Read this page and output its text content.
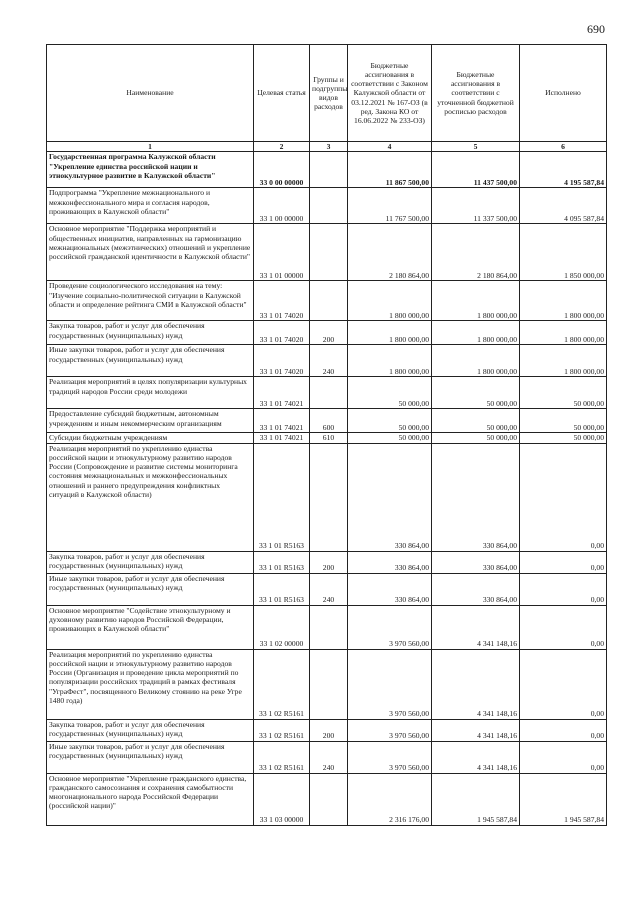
690
Наименование	Целевая статья	Группы и подгруппы видов расходов	Бюджетные ассигнования в соответствии с Законом Калужской области от 03.12.2021 № 167-ОЗ (в ред. Закона КО от 16.06.2022 № 233-ОЗ)	Бюджетные ассигнования в соответствии с уточненной бюджетной росписью расходов	Исполнено
1	2	3	4	5	6
Государственная программа Калужской области "Укрепление единства российской нации и этнокультурное развитие в Калужской области"	33 0 00 00000		11 867 500,00	11 437 500,00	4 195 587,84
Подпрограмма "Укрепление межнационального и межконфессионального мира и согласия народов, проживающих в Калужской области"	33 1 00 00000		11 767 500,00	11 337 500,00	4 095 587,84
Основное мероприятие "Поддержка мероприятий и общественных инициатив, направленных на гармонизацию межнациональных (межэтнических) отношений и укрепление российской гражданской идентичности в Калужской области"	33 1 01 00000		2 180 864,00	2 180 864,00	1 850 000,00
Проведение социологического исследования на тему: "Изучение социально-политической ситуации в Калужской области и определение рейтинга СМИ в Калужской области"	33 1 01 74020		1 800 000,00	1 800 000,00	1 800 000,00
Закупка товаров, работ и услуг для обеспечения государственных (муниципальных) нужд	33 1 01 74020	200	1 800 000,00	1 800 000,00	1 800 000,00
Иные закупки товаров, работ и услуг для обеспечения государственных (муниципальных) нужд	33 1 01 74020	240	1 800 000,00	1 800 000,00	1 800 000,00
Реализация мероприятий в целях популяризации культурных традиций народов России среди молодежи	33 1 01 74021		50 000,00	50 000,00	50 000,00
Предоставление субсидий бюджетным, автономным учреждениям и иным некоммерческим организациям	33 1 01 74021	600	50 000,00	50 000,00	50 000,00
Субсидии бюджетным учреждениям	33 1 01 74021	610	50 000,00	50 000,00	50 000,00
Реализация мероприятий по укреплению единства российской нации и этнокультурному развитию народов России (Сопровождение и развитие системы мониторинга состояния межнациональных и межконфессиональных отношений и раннего предупреждения конфликтных ситуаций в Калужской области)	33 1 01 R5163		330 864,00	330 864,00	0,00
Закупка товаров, работ и услуг для обеспечения государственных (муниципальных) нужд	33 1 01 R5163	200	330 864,00	330 864,00	0,00
Иные закупки товаров, работ и услуг для обеспечения государственных (муниципальных) нужд	33 1 01 R5163	240	330 864,00	330 864,00	0,00
Основное мероприятие "Содействие этнокультурному и духовному развитию народов Российской Федерации, проживающих в Калужской области"	33 1 02 00000		3 970 560,00	4 341 148,16	0,00
Реализация мероприятий по укреплению единства российской нации и этнокультурному развитию народов России (Организация и проведение цикла мероприятий по популяризации российских традиций в рамках фестиваля "УграФест", посвященного Великому стоянию на реке Угре 1480 года)	33 1 02 R5161		3 970 560,00	4 341 148,16	0,00
Закупка товаров, работ и услуг для обеспечения государственных (муниципальных) нужд	33 1 02 R5161	200	3 970 560,00	4 341 148,16	0,00
Иные закупки товаров, работ и услуг для обеспечения государственных (муниципальных) нужд	33 1 02 R5161	240	3 970 560,00	4 341 148,16	0,00
Основное мероприятие "Укрепление гражданского единства, гражданского самосознания и сохранения самобытности многонационального народа Российской Федерации (российской нации)"	33 1 03 00000		2 316 176,00	1 945 587,84	1 945 587,84
